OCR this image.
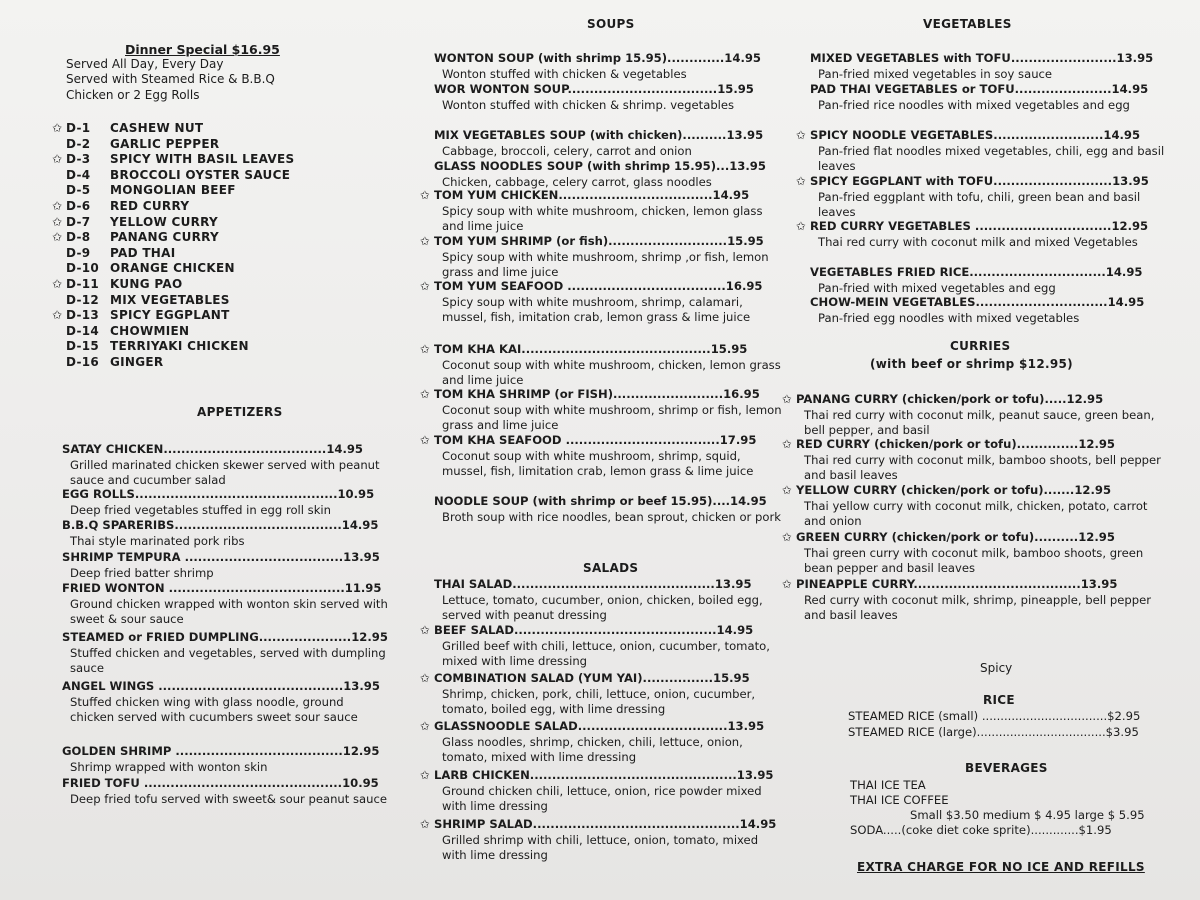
Dinner Special $16.95
Served All Day, Every Day
Served with Steamed Rice & B.B.Q
Chicken or 2 Egg Rolls
✩ D-1 CASHEW NUT
D-2 GARLIC PEPPER
✩ D-3 SPICY WITH BASIL LEAVES
D-4 BROCCOLI OYSTER SAUCE
D-5 MONGOLIAN BEEF
✩ D-6 RED CURRY
✩ D-7 YELLOW CURRY
✩ D-8 PANANG CURRY
D-9 PAD THAI
D-10 ORANGE CHICKEN
✩ D-11 KUNG PAO
D-12 MIX VEGETABLES
✩ D-13 SPICY EGGPLANT
D-14 CHOWMIEN
D-15 TERRIYAKI CHICKEN
D-16 GINGER
APPETIZERS
SATAY CHICKEN.....................................14.95
Grilled marinated chicken skewer served with peanut sauce and cucumber salad
EGG ROLLS..............................................10.95
Deep fried vegetables stuffed in egg roll skin
B.B.Q SPARERIBS......................................14.95
Thai style marinated pork ribs
SHRIMP TEMPURA ....................................13.95
Deep fried batter shrimp
FRIED WONTON ........................................11.95
Ground chicken wrapped with wonton skin served with sweet & sour sauce
STEAMED or FRIED DUMPLING.....................12.95
Stuffed chicken and vegetables, served with dumpling sauce
ANGEL WINGS ..........................................13.95
Stuffed chicken wing with glass noodle, ground chicken served with cucumbers sweet sour sauce
GOLDEN SHRIMP ......................................12.95
Shrimp wrapped with wonton skin
FRIED TOFU .............................................10.95
Deep fried tofu served with sweet& sour peanut sauce
SOUPS
WONTON SOUP (with shrimp 15.95).............14.95
Wonton stuffed with chicken & vegetables
WOR WONTON SOUP..................................15.95
Wonton stuffed with chicken & shrimp. vegetables
MIX VEGETABLES SOUP (with chicken)..........13.95
Cabbage, broccoli, celery, carrot and onion
GLASS NOODLES SOUP (with shrimp 15.95)...13.95
Chicken, cabbage, celery carrot, glass noodles
✩ TOM YUM CHICKEN...................................14.95
Spicy soup with white mushroom, chicken, lemon glass and lime juice
✩ TOM YUM SHRIMP (or fish)...........................15.95
Spicy soup with white mushroom, shrimp ,or fish, lemon grass and lime juice
✩ TOM YUM SEAFOOD ....................................16.95
Spicy soup with white mushroom, shrimp, calamari, mussel, fish, imitation crab, lemon grass & lime juice
✩ TOM KHA KAI...........................................15.95
Coconut soup with white mushroom, chicken, lemon grass and lime juice
✩ TOM KHA SHRIMP (or FISH).........................16.95
Coconut soup with white mushroom, shrimp or fish, lemon grass and lime juice
✩ TOM KHA SEAFOOD ...................................17.95
Coconut soup with white mushroom, shrimp, squid, mussel, fish, limitation crab, lemon grass & lime juice
NOODLE SOUP (with shrimp or beef 15.95)....14.95
Broth soup with rice noodles, bean sprout, chicken or pork
SALADS
THAI SALAD..............................................13.95
Lettuce, tomato, cucumber, onion, chicken, boiled egg, served with peanut dressing
✩ BEEF SALAD..............................................14.95
Grilled beef with chili, lettuce, onion, cucumber, tomato, mixed with lime dressing
✩ COMBINATION SALAD (YUM YAI)................15.95
Shrimp, chicken, pork, chili, lettuce, onion, cucumber, tomato, boiled egg, with lime dressing
✩ GLASSNOODLE SALAD..................................13.95
Glass noodles, shrimp, chicken, chili, lettuce, onion, tomato, mixed with lime dressing
✩ LARB CHICKEN...............................................13.95
Ground chicken chili, lettuce, onion, rice powder mixed with lime dressing
✩ SHRIMP SALAD...............................................14.95
Grilled shrimp with chili, lettuce, onion, tomato, mixed with lime dressing
VEGETABLES
MIXED VEGETABLES with TOFU........................13.95
Pan-fried mixed vegetables in soy sauce
PAD THAI VEGETABLES or TOFU......................14.95
Pan-fried rice noodles with mixed vegetables and egg
✩ SPICY NOODLE VEGETABLES.........................14.95
Pan-fried flat noodles mixed vegetables, chili, egg and basil leaves
✩ SPICY EGGPLANT with TOFU...........................13.95
Pan-fried eggplant with tofu, chili, green bean and basil leaves
✩ RED CURRY VEGETABLES ...............................12.95
Thai red curry with coconut milk and mixed Vegetables
VEGETABLES FRIED RICE...............................14.95
Pan-fried with mixed vegetables and egg
CHOW-MEIN VEGETABLES..............................14.95
Pan-fried egg noodles with mixed vegetables
CURRIES
(with beef or shrimp $12.95)
✩ PANANG CURRY (chicken/pork or tofu).....12.95
Thai red curry with coconut milk, peanut sauce, green bean, bell pepper, and basil
✩ RED CURRY (chicken/pork or tofu)..............12.95
Thai red curry with coconut milk, bamboo shoots, bell pepper and basil leaves
✩ YELLOW CURRY (chicken/pork or tofu).......12.95
Thai yellow curry with coconut milk, chicken, potato, carrot and onion
✩ GREEN CURRY (chicken/pork or tofu)..........12.95
Thai green curry with coconut milk, bamboo shoots, green bean pepper and basil leaves
✩ PINEAPPLE CURRY......................................13.95
Red curry with coconut milk, shrimp, pineapple, bell pepper and basil leaves
Spicy
RICE
STEAMED RICE (small) ..................................$2.95
STEAMED RICE (large)...................................$3.95
BEVERAGES
THAI ICE TEA
THAI ICE COFFEE
Small $3.50 medium $ 4.95 large $ 5.95
SODA.....(coke diet coke sprite).............$1.95
EXTRA CHARGE FOR NO ICE AND REFILLS
